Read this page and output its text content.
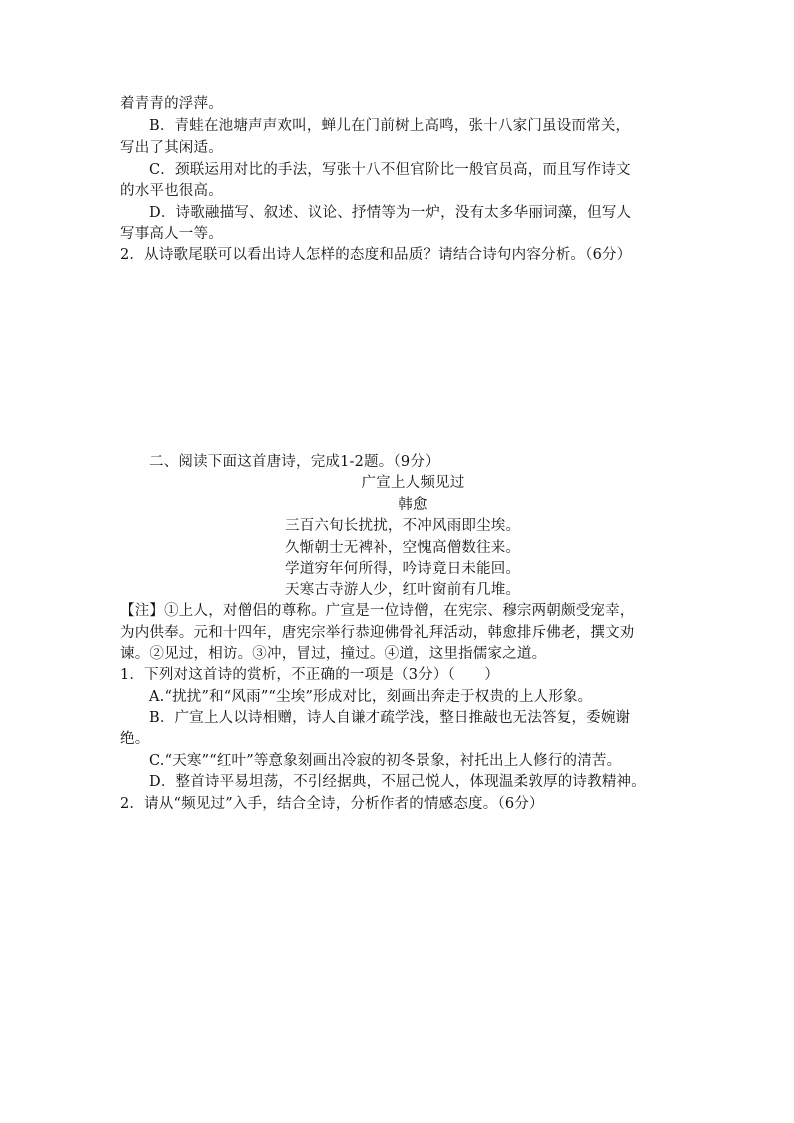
着青青的浮萍。
B．青蛙在池塘声声欢叫，蝉儿在门前树上高鸣，张十八家门虽设而常关，
写出了其闲适。
C．颈联运用对比的手法，写张十八不但官阶比一般官员高，而且写作诗文
的水平也很高。
D．诗歌融描写、叙述、议论、抒情等为一炉，没有太多华丽词藻，但写人
写事高人一等。
2．从诗歌尾联可以看出诗人怎样的态度和品质？请结合诗句内容分析。（6分）
二、阅读下面这首唐诗，完成1-2题。（9分）
广宣上人频见过
韩愈
三百六旬长扰扰，不冲风雨即尘埃。
久惭朝士无裨补，空愧高僧数往来。
学道穷年何所得，吟诗竟日未能回。
天寒古寺游人少，红叶窗前有几堆。
【注】①上人，对僧侣的尊称。广宣是一位诗僧，在宪宗、穆宗两朝颇受宠幸，
为内供奉。元和十四年，唐宪宗举行恭迎佛骨礼拜活动，韩愈排斥佛老，撰文劝
谏。②见过，相访。③冲，冒过，撞过。④道，这里指儒家之道。
1．下列对这首诗的赏析，不正确的一项是（3分）（　　）
A.“扰扰”和“风雨”“尘埃”形成对比，刻画出奔走于权贵的上人形象。
B．广宣上人以诗相赠，诗人自谦才疏学浅，整日推敲也无法答复，委婉谢
绝。
C.“天寒”“红叶”等意象刻画出冷寂的初冬景象，衬托出上人修行的清苦。
D．整首诗平易坦荡，不引经据典，不屈己悦人，体现温柔敦厚的诗教精神。
2．请从“频见过”入手，结合全诗，分析作者的情感态度。（6分）
